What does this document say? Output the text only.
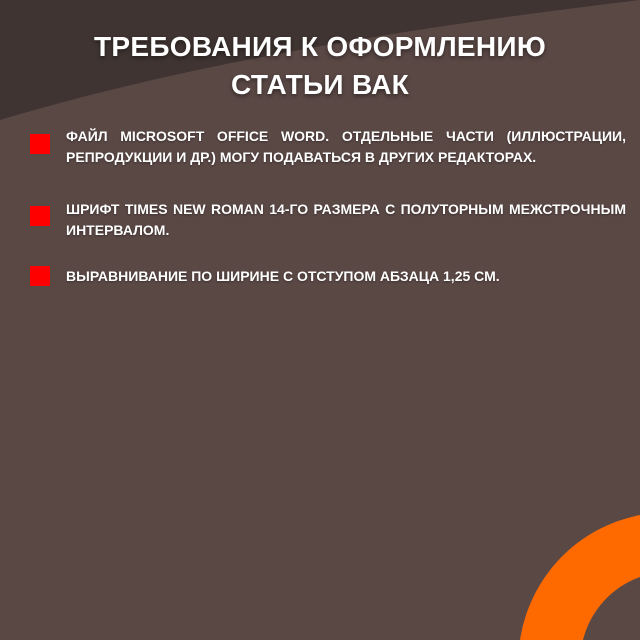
ТРЕБОВАНИЯ К ОФОРМЛЕНИЮ
СТАТЬИ ВАК
ФАЙЛ MICROSOFT OFFICE WORD. ОТДЕЛЬНЫЕ ЧАСТИ (ИЛЛЮСТРАЦИИ, РЕПРОДУКЦИИ И ДР.) МОГУ ПОДАВАТЬСЯ В ДРУГИХ РЕДАКТОРАХ.
ШРИФТ TIMES NEW ROMAN 14-ГО РАЗМЕРА С ПОЛУТОРНЫМ МЕЖСТРОЧНЫМ ИНТЕРВАЛОМ.
ВЫРАВНИВАНИЕ ПО ШИРИНЕ С ОТСТУПОМ АБЗАЦА 1,25 СМ.
